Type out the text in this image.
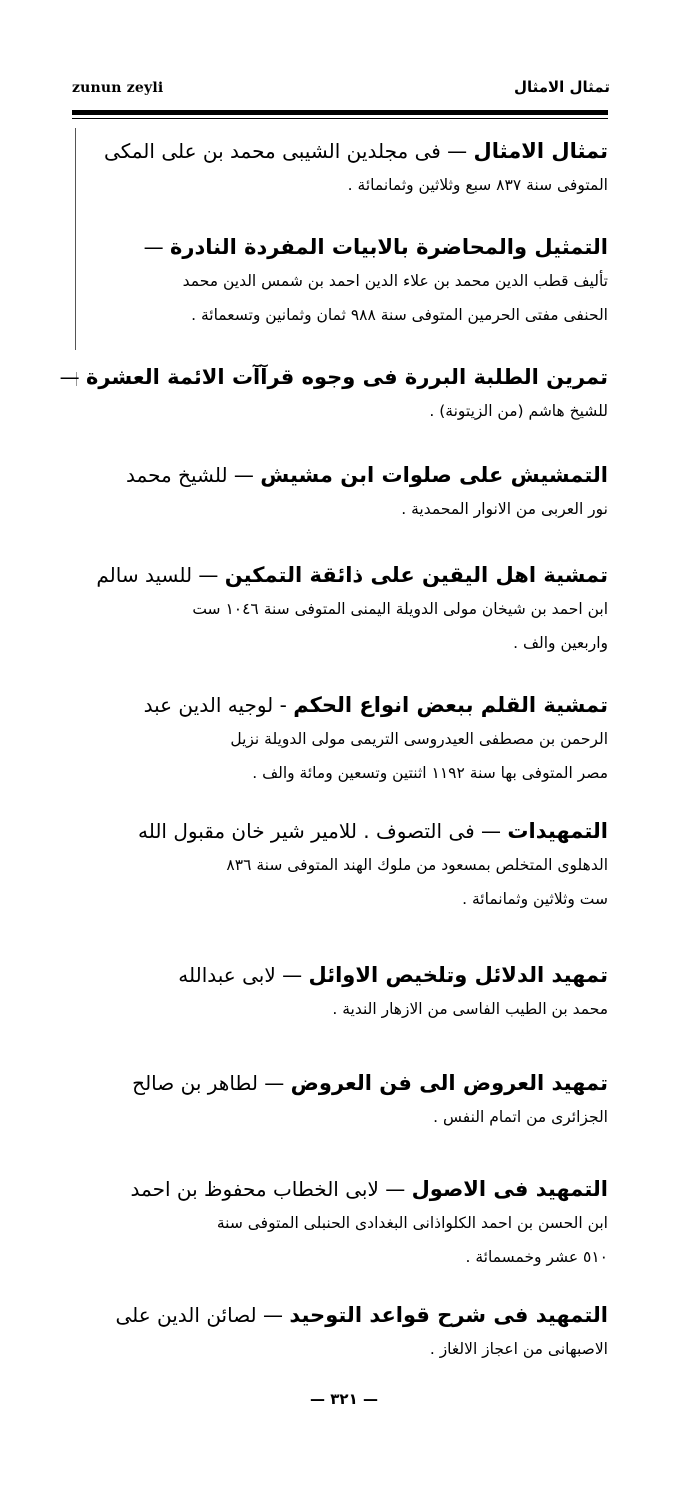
zunun zeyli	تمثال الامثال
تمثال الامثال — فى مجلدين الشيبى محمد بن على المكى
المتوفى سنة ٨٣٧ سبع وثلاثين وثمانمائة .
التمثيل والمحاضرة بالابيات المفردة النادرة —
تأليف قطب الدين محمد بن علاء الدين احمد بن شمس الدين محمد
الحنفى مفتى الحرمين المتوفى سنة ٩٨٨ ثمان وثمانين وتسعمائة .
تمرين الطلبة البررة فى وجوه قرآآت الائمة العشرة —
للشيخ هاشم (من الزيتونة) .
التمشيش على صلوات ابن مشيش — للشيخ محمد
نور العربى من الانوار المحمدية .
تمشية اهل اليقين على ذائقة التمكين — للسيد سالم
ابن احمد بن شيخان مولى الدويلة اليمنى المتوفى سنة ١٠٤٦ ست
واربعين والف .
تمشية القلم ببعض انواع الحكم - لوجيه الدين عبد
الرحمن بن مصطفى العيدروسى التريمى مولى الدويلة نزيل
مصر المتوفى بها سنة ١١٩٢ اثنتين وتسعين ومائة والف .
التمهيدات — فى التصوف . للامير شير خان مقبول الله
الدهلوى المتخلص بمسعود من ملوك الهند المتوفى سنة ٨٣٦
ست وثلاثين وثمانمائة .
تمهيد الدلائل وتلخيص الاوائل — لابى عبدالله
محمد بن الطيب الفاسى من الازهار الندية .
تمهيد العروض الى فن العروض — لطاهر بن صالح
الجزائرى من اتمام النفس .
التمهيد فى الاصول — لابى الخطاب محفوظ بن احمد
ابن الحسن بن احمد الكلواذانى البغدادى الحنبلى المتوفى سنة
٥١٠ عشر وخمسمائة .
التمهيد فى شرح قواعد التوحيد — لصائن الدين على
الاصبهانى من اعجاز الالغاز .
— ٣٢١ —
